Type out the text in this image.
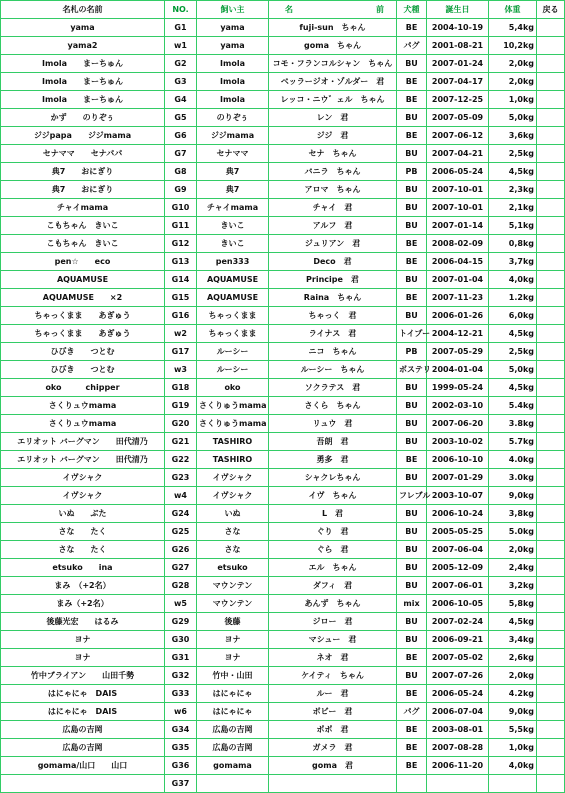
名札の名前	NO.	飼い主	名 前	犬種	誕生日	体重	戻る
yama	G1	yama	fuji-sun　ちゃん	BE	2004-10-19	5,4kg	
yama2	w1	yama	goma　ちゃん	パグ	2001-08-21	10,2kg	
Imola　　まーちゅん	G2	Imola	コモ・フランコルシャン　ちゃん	BU	2007-01-24	2,0kg	
Imola　　まーちゅん	G3	Imola	ベッラージオ・ゾルダー　君	BE	2007-04-17	2,0kg	
Imola　　まーちゅん	G4	Imola	レッコ・ニウ゛ェル　ちゃん	BE	2007-12-25	1,0kg	
かず　　のりぞぅ	G5	のりぞぅ	レン　君	BU	2007-05-09	5,0kg	
ジジpapa　　ジジmama	G6	ジジmama	ジジ　君	BE	2007-06-12	3,6kg	
セナママ　　セナパパ	G7	セナママ	セナ　ちゃん	BU	2007-04-21	2,5kg	
典7　　おにぎり	G8	典7	バニラ　ちゃん	PB	2006-05-24	4,5kg	
典7　　おにぎり	G9	典7	アロマ　ちゃん	BU	2007-10-01	2,3kg	
チャイmama	G10	チャイmama	チャイ　君	BU	2007-10-01	2,1kg	
こもちゃん　きいこ	G11	きいこ	アルフ　君	BU	2007-01-14	5,1kg	
こもちゃん　きいこ	G12	きいこ	ジュリアン　君	BE	2008-02-09	0,8kg	
pen☆　　eco	G13	pen333	Deco　君	BE	2006-04-15	3,7kg	
AQUAMUSE	G14	AQUAMUSE	Principe　君	BU	2007-01-04	4,0kg	
AQUAMUSE　　×2	G15	AQUAMUSE	Raina　ちゃん	BE	2007-11-23	1.2kg	
ちゃっくまま　　あぎゅう	G16	ちゃっくまま	ちゃっく　君	BU	2006-01-26	6,0kg	
ちゃっくまま　　あぎゅう	w2	ちゃっくまま	ライナス　君	トイプー	2004-12-21	4,5kg	
ひびき　　つとむ	G17	ルーシー	ニコ　ちゃん	PB	2007-05-29	2,5kg	
ひびき　　つとむ	w3	ルーシー	ルーシー　ちゃん	ボステリ	2004-01-04	5,0kg	
oko　　　chipper	G18	oko	ソクラテス　君	BU	1999-05-24	4,5kg	
さくりュウmama	G19	さくりゅうmama	さくら　ちゃん	BU	2002-03-10	5.4kg	
さくりュウmama	G20	さくりゅうmama	リュウ　君	BU	2007-06-20	3.8kg	
エリオット バーグマン　　田代清乃	G21	TASHIRO	吾朗　君	BU	2003-10-02	5.7kg	
エリオット バーグマン　　田代清乃	G22	TASHIRO	勇多　君	BE	2006-10-10	4.0kg	
イヴシャク	G23	イヴシャク	シャクレちゃん	BU	2007-01-29	3.0kg	
イヴシャク	w4	イヴシャク	イヴ　ちゃん	フレブル	2003-10-07	9,0kg	
いぬ　　ぶた	G24	いぬ	L　君	BU	2006-10-24	3,8kg	
さな　　たく	G25	さな	ぐり　君	BU	2005-05-25	5.0kg	
さな　　たく	G26	さな	ぐら　君	BU	2007-06-04	2,0kg	
etsuko　　ina	G27	etsuko	エル　ちゃん	BU	2005-12-09	2,4kg	
まみ　（+2名）	G28	マウンテン	ダフィ　君	BU	2007-06-01	3,2kg	
まみ（+2名）	w5	マウンテン	あんず　ちゃん	mix	2006-10-05	5,8kg	
後藤光宏　　はるみ	G29	後藤	ジロー　君	BU	2007-02-24	4,5kg	
ヨナ	G30	ヨナ	マシュー　君	BU	2006-09-21	3,4kg	
ヨナ	G31	ヨナ	ネオ　君	BE	2007-05-02	2,6kg	
竹中ブライアン　　山田千勢	G32	竹中・山田	ケイティ　ちゃん	BU	2007-07-26	2,0kg	
はにゃにゃ　DAIS	G33	はにゃにゃ	ルー　君	BE	2006-05-24	4.2kg	
はにゃにゃ　DAIS	w6	はにゃにゃ	ボビー　君	パグ	2006-07-04	9,0kg	
広島の吉岡	G34	広島の吉岡	ポポ　君	BE	2003-08-01	5,5kg	
広島の吉岡	G35	広島の吉岡	ガメラ　君	BE	2007-08-28	1,0kg	
gomama/山口　　山口	G36	gomama	goma　君	BE	2006-11-20	4,0kg	
	G37						
